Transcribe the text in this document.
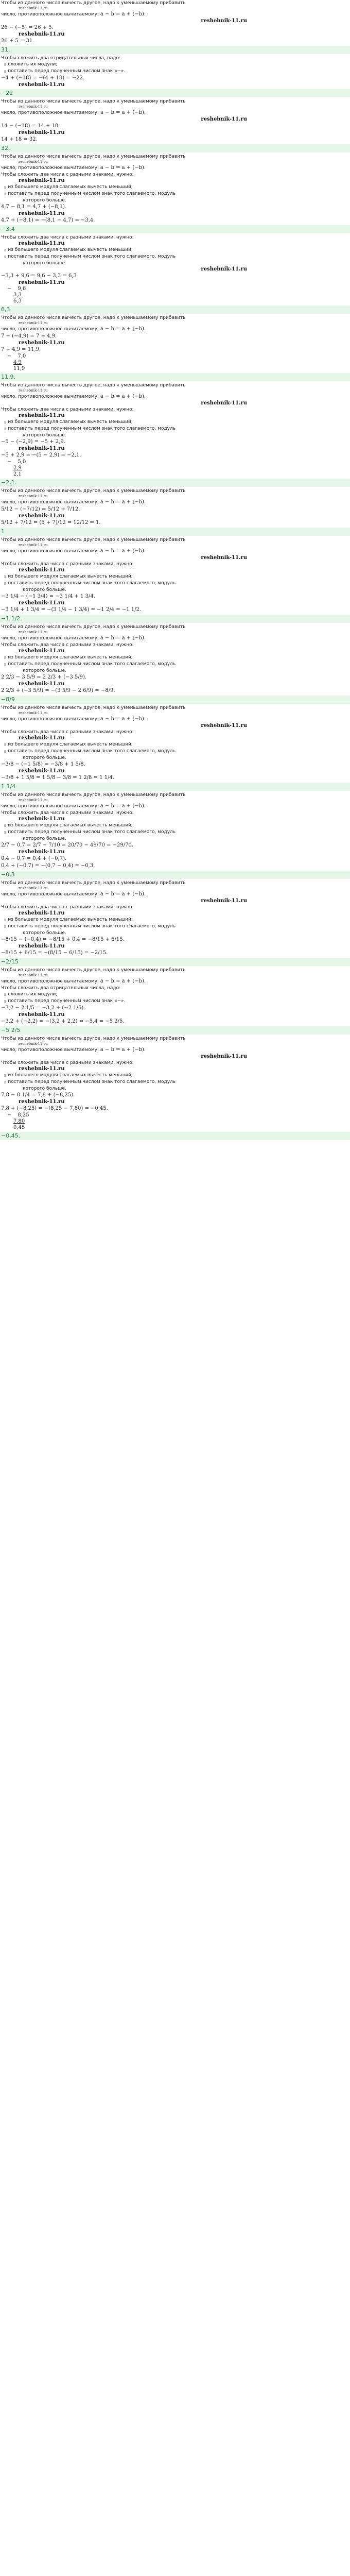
Чтобы из данного числа вычесть другое, надо к уменьшаемому прибавить
reshebnik-11.ru
число, противоположное вычитаемому: a − b = a + (−b).
reshebnik-11.ru
26 − (−5) = 26 + 5.
reshebnik-11.ru
26 + 5 = 31.
31.
Чтобы сложить два отрицательных числа, надо:
▯ сложить их модули;
▯ поставить перед полученным числом знак «−».
−4 + (−18) = −(4 + 18) = −22.
reshebnik-11.ru
−22
Чтобы из данного числа вычесть другое, надо к уменьшаемому прибавить
reshebnik-11.ru
число, противоположное вычитаемому: a − b = a + (−b).
reshebnik-11.ru
14 − (−18) = 14 + 18.
reshebnik-11.ru
14 + 18 = 32.
32.
Чтобы из данного числа вычесть другое, надо к уменьшаемому прибавить
reshebnik-11.ru
число, противоположное вычитаемому: a − b = a + (−b).
Чтобы сложить два числа с разными знаками, нужно:
reshebnik-11.ru
▯ из большего модуля слагаемых вычесть меньший;
▯ поставить перед полученным числом знак того слагаемого, модуль
которого больше.
4,7 − 8,1 = 4,7 + (−8,1).
reshebnik-11.ru
4,7 + (−8,1) = −(8,1 − 4,7) = −3,4.
−3,4
Чтобы сложить два числа с разными знаками, нужно:
reshebnik-11.ru
▯ из большего модуля слагаемых вычесть меньший;
▯ поставить перед полученным числом знак того слагаемого, модуль
которого больше.
reshebnik-11.ru
−3,3 + 9,6 = 9,6 − 3,3 = 6,3
reshebnik-11.ru
− 9,6
3,3
6,3
6,3
Чтобы из данного числа вычесть другое, надо к уменьшаемому прибавить
reshebnik-11.ru
число, противоположное вычитаемому: a − b = a + (−b).
7 − (−4,9) = 7 + 4,9.
reshebnik-11.ru
7 + 4,9 = 11,9.
− 7,0
4,9
11,9
11,9.
Чтобы из данного числа вычесть другое, надо к уменьшаемому прибавить
reshebnik-11.ru
число, противоположное вычитаемому: a − b = a + (−b).
reshebnik-11.ru
Чтобы сложить два числа с разными знаками, нужно:
reshebnik-11.ru
▯ из большего модуля слагаемых вычесть меньший;
▯ поставить перед полученным числом знак того слагаемого, модуль
которого больше.
−5 − (−2,9) = −5 + 2,9.
reshebnik-11.ru
−5 + 2,9 = −(5 − 2,9) = −2,1.
− 5,0
2,9
2,1
−2,1.
Чтобы из данного числа вычесть другое, надо к уменьшаемому прибавить
reshebnik-11.ru
число, противоположное вычитаемому: a − b = a + (−b).
5/12 − (−7/12) = 5/12 + 7/12.
reshebnik-11.ru
5/12 + 7/12 = (5 + 7)/12 = 12/12 = 1.
1
Чтобы из данного числа вычесть другое, надо к уменьшаемому прибавить
reshebnik-11.ru
число, противоположное вычитаемому: a − b = a + (−b).
reshebnik-11.ru
Чтобы сложить два числа с разными знаками, нужно:
reshebnik-11.ru
▯ из большего модуля слагаемых вычесть меньший;
▯ поставить перед полученным числом знак того слагаемого, модуль
которого больше.
−3 1/4 − (−1 3/4) = −3 1/4 + 1 3/4.
reshebnik-11.ru
−3 1/4 + 1 3/4 = −(3 1/4 − 1 3/4) = −1 2/4 = −1 1/2.
−1 1/2.
Чтобы из данного числа вычесть другое, надо к уменьшаемому прибавить
reshebnik-11.ru
число, противоположное вычитаемому: a − b = a + (−b).
Чтобы сложить два числа с разными знаками, нужно:
reshebnik-11.ru
▯ из большего модуля слагаемых вычесть меньший;
▯ поставить перед полученным числом знак того слагаемого, модуль
которого больше.
2 2/3 − 3 5/9 = 2 2/3 + (−3 5/9).
reshebnik-11.ru
2 2/3 + (−3 5/9) = −(3 5/9 − 2 6/9) = −8/9.
−8/9
Чтобы из данного числа вычесть другое, надо к уменьшаемому прибавить
reshebnik-11.ru
число, противоположное вычитаемому: a − b = a + (−b).
reshebnik-11.ru
Чтобы сложить два числа с разными знаками, нужно:
reshebnik-11.ru
▯ из большего модуля слагаемых вычесть меньший;
▯ поставить перед полученным числом знак того слагаемого, модуль
которого больше.
−3/8 − (−1 5/8) = −3/8 + 1 5/8.
reshebnik-11.ru
−3/8 + 1 5/8 = 1 5/8 − 3/8 = 1 2/8 = 1 1/4.
1 1/4
Чтобы из данного числа вычесть другое, надо к уменьшаемому прибавить
reshebnik-11.ru
число, противоположное вычитаемому: a − b = a + (−b).
Чтобы сложить два числа с разными знаками, нужно:
reshebnik-11.ru
▯ из большего модуля слагаемых вычесть меньший;
▯ поставить перед полученным числом знак того слагаемого, модуль
которого больше.
2/7 − 0,7 = 2/7 − 7/10 = 20/70 − 49/70 = −29/70.
reshebnik-11.ru
0,4 − 0,7 = 0,4 + (−0,7).
0,4 + (−0,7) = −(0,7 − 0,4) = −0,3.
−0,3
Чтобы из данного числа вычесть другое, надо к уменьшаемому прибавить
reshebnik-11.ru
число, противоположное вычитаемому: a − b = a + (−b).
reshebnik-11.ru
Чтобы сложить два числа с разными знаками, нужно:
reshebnik-11.ru
▯ из большего модуля слагаемых вычесть меньший;
▯ поставить перед полученным числом знак того слагаемого, модуль
которого больше.
−8/15 − (−0,4) = −8/15 + 0,4 = −8/15 + 6/15.
reshebnik-11.ru
−8/15 + 6/15 = −(8/15 − 6/15) = −2/15.
−2/15
Чтобы из данного числа вычесть другое, надо к уменьшаемому прибавить
reshebnik-11.ru
число, противоположное вычитаемому: a − b = a + (−b).
Чтобы сложить два отрицательных числа, надо:
▯ сложить их модули;
▯ поставить перед полученным числом знак «−».
−3,2 − 2 1/5 = −3,2 + (−2 1/5).
reshebnik-11.ru
−3,2 + (−2,2) = −(3,2 + 2,2) = −5,4 = −5 2/5.
−5 2/5
Чтобы из данного числа вычесть другое, надо к уменьшаемому прибавить
reshebnik-11.ru
число, противоположное вычитаемому: a − b = a + (−b).
reshebnik-11.ru
Чтобы сложить два числа с разными знаками, нужно:
reshebnik-11.ru
▯ из большего модуля слагаемых вычесть меньший;
▯ поставить перед полученным числом знак того слагаемого, модуль
которого больше.
7,8 − 8 1/4 = 7,8 + (−8,25).
reshebnik-11.ru
7,8 + (−8,25) = −(8,25 − 7,80) = −0,45.
− 8,25
7,80
0,45
−0,45.
